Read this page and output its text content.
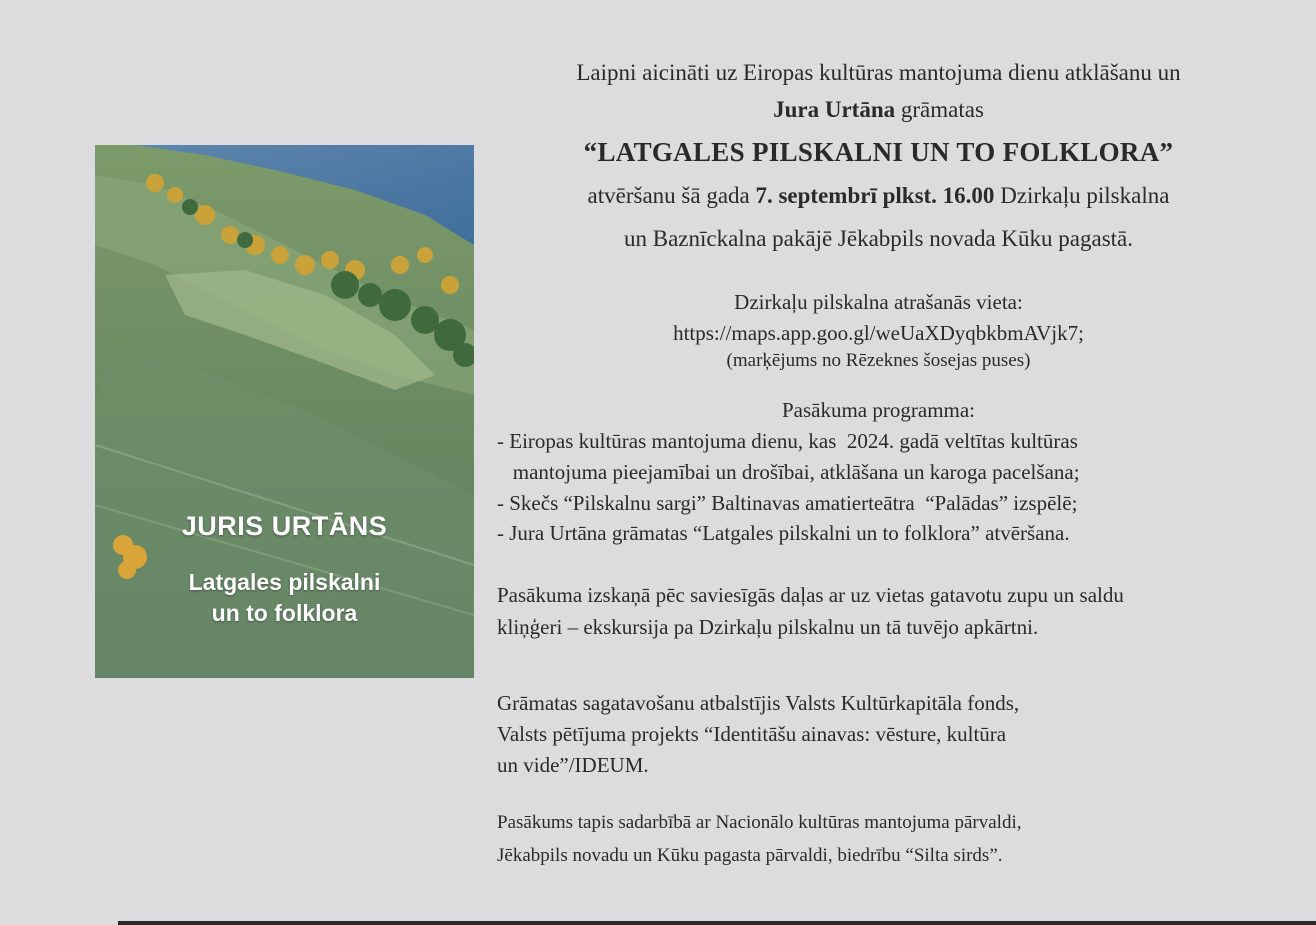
JURIS URTĀNS
Latgales pilskalni
un to folklora
Laipni aicināti uz Eiropas kultūras mantojuma dienu atklāšanu un
Jura Urtāna grāmatas
“LATGALES PILSKALNI UN TO FOLKLORA”
atvēršanu šā gada 7. septembrī plkst. 16.00 Dzirkaļu pilskalna
un Baznīckalna pakājē Jēkabpils novada Kūku pagastā.
Dzirkaļu pilskalna atrašanās vieta:
https://maps.app.goo.gl/weUaXDyqbkbmAVjk7;
(marķējums no Rēzeknes šosejas puses)
Pasākuma programma:
- Eiropas kultūras mantojuma dienu, kas  2024. gadā veltītas kultūras
mantojuma pieejamībai un drošībai, atklāšana un karoga pacelšana;
- Skečs “Pilskalnu sargi” Baltinavas amatierteātra  “Palādas” izspēlē;
- Jura Urtāna grāmatas “Latgales pilskalni un to folklora” atvēršana.
Pasākuma izskaņā pēc saviesīgās daļas ar uz vietas gatavotu zupu un saldu
kliņģeri – ekskursija pa Dzirkaļu pilskalnu un tā tuvējo apkārtni.
Grāmatas sagatavošanu atbalstījis Valsts Kultūrkapitāla fonds,
Valsts pētījuma projekts “Identitāšu ainavas: vēsture, kultūra
un vide”/IDEUM.
Pasākums tapis sadarbībā ar Nacionālo kultūras mantojuma pārvaldi,
Jēkabpils novadu un Kūku pagasta pārvaldi, biedrību “Silta sirds”.
